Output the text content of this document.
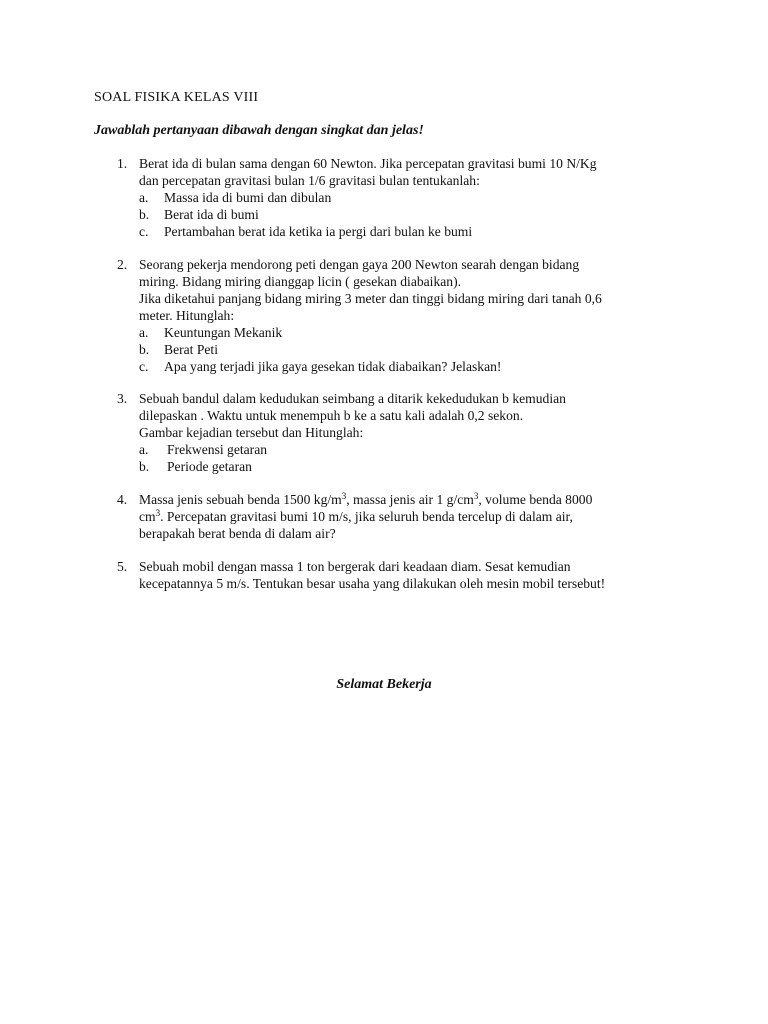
SOAL FISIKA KELAS VIII
Jawablah pertanyaan dibawah dengan singkat dan jelas!
1. Berat ida di bulan sama dengan 60 Newton. Jika percepatan gravitasi bumi 10 N/Kg
dan percepatan gravitasi bulan 1/6 gravitasi bulan tentukanlah:
a. Massa ida di bumi dan dibulan
b. Berat ida di bumi
c. Pertambahan berat ida ketika ia pergi dari bulan ke bumi
2. Seorang pekerja mendorong peti dengan gaya 200 Newton searah dengan bidang
miring. Bidang miring dianggap licin ( gesekan diabaikan).
Jika diketahui panjang bidang miring 3 meter dan tinggi bidang miring dari tanah 0,6
meter. Hitunglah:
a. Keuntungan Mekanik
b. Berat Peti
c. Apa yang terjadi jika gaya gesekan tidak diabaikan? Jelaskan!
3. Sebuah bandul dalam kedudukan seimbang a ditarik kekedudukan b kemudian
dilepaskan . Waktu untuk menempuh b ke a satu kali adalah 0,2 sekon.
Gambar kejadian tersebut dan Hitunglah:
a. Frekwensi getaran
b. Periode getaran
4. Massa jenis sebuah benda 1500 $kg/m^3$, massa jenis air 1 $g/cm^3$, volume benda 8000
$cm^3$. Percepatan gravitasi bumi 10 m/s, jika seluruh benda tercelup di dalam air,
berapakah berat benda di dalam air?
5. Sebuah mobil dengan massa 1 ton bergerak dari keadaan diam. Sesat kemudian
kecepatannya 5 m/s. Tentukan besar usaha yang dilakukan oleh mesin mobil tersebut!
Selamat Bekerja
